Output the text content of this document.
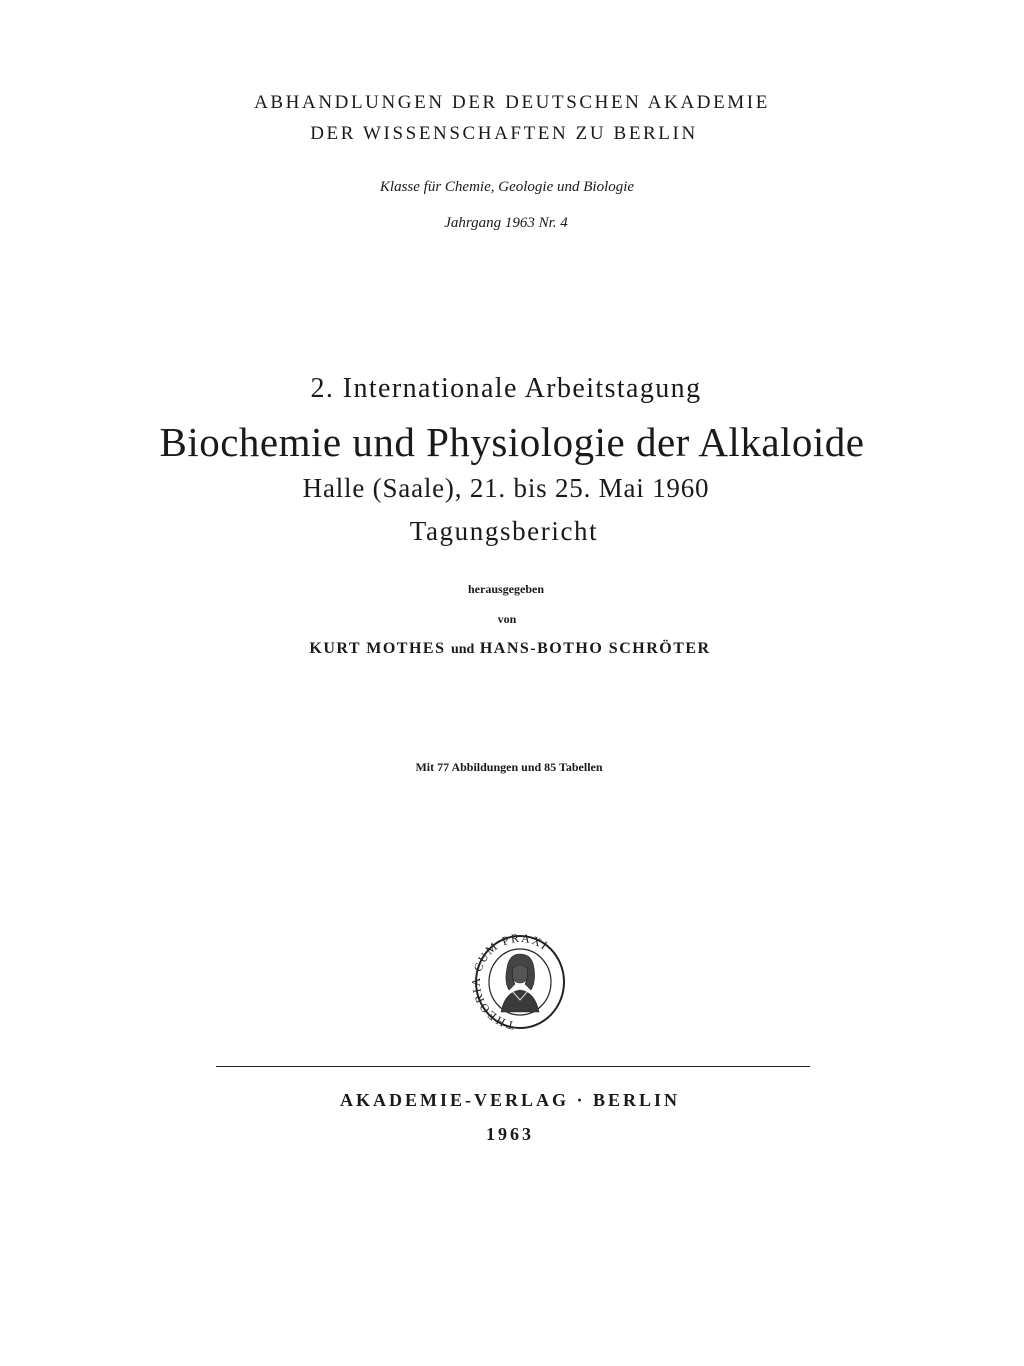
ABHANDLUNGEN DER DEUTSCHEN AKADEMIE

DER WISSENSCHAFTEN ZU BERLIN

Klasse für Chemie, Geologie und Biologie

Jahrgang 1963 Nr. 4

2. Internationale Arbeitstagung

Biochemie und Physiologie der Alkaloide

Halle (Saale), 21. bis 25. Mai 1960

Tagungsbericht

herausgegeben

von

KURT MOTHES und HANS-BOTHO SCHRÖTER

Mit 77 Abbildungen und 85 Tabellen

THEORIA CUM PRAXI

AKADEMIE-VERLAG · BERLIN

1963
